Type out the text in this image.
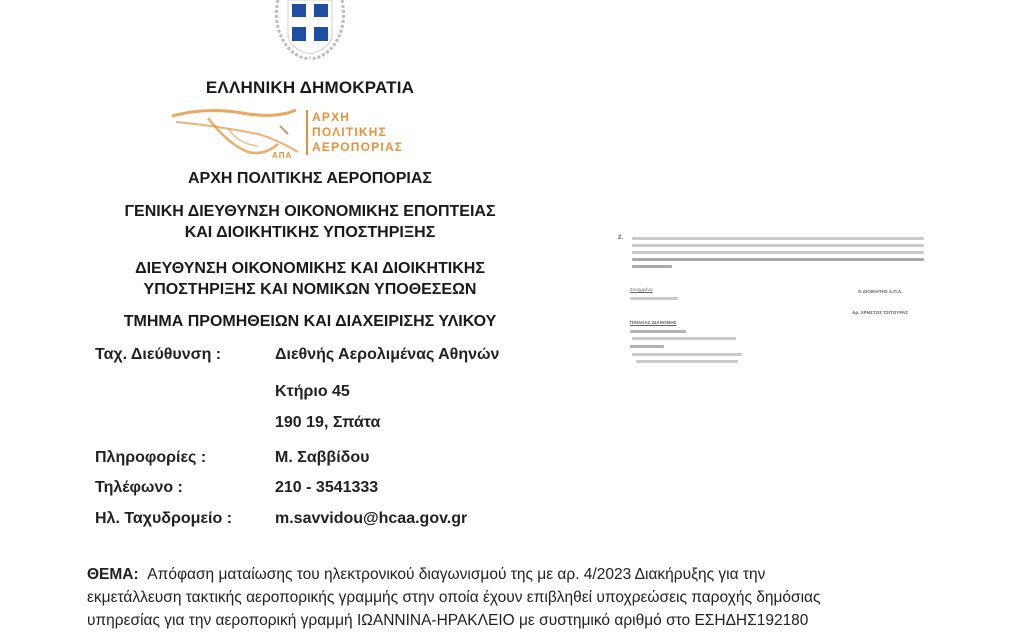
ΕΛΛΗΝΙΚΗ ΔΗΜΟΚΡΑΤΙΑ
ΑΡΧΗ
ΠΟΛΙΤΙΚΗΣ
ΑΕΡΟΠΟΡΙΑΣ
ΑΠΑ
ΑΡΧΗ ΠΟΛΙΤΙΚΗΣ ΑΕΡΟΠΟΡΙΑΣ
ΓΕΝΙΚΗ ΔΙΕΥΘΥΝΣΗ ΟΙΚΟΝΟΜΙΚΗΣ ΕΠΟΠΤΕΙΑΣ
ΚΑΙ ΔΙΟΙΚΗΤΙΚΗΣ ΥΠΟΣΤΗΡΙΞΗΣ
ΔΙΕΥΘΥΝΣΗ ΟΙΚΟΝΟΜΙΚΗΣ ΚΑΙ ΔΙΟΙΚΗΤΙΚΗΣ
ΥΠΟΣΤΗΡΙΞΗΣ ΚΑΙ ΝΟΜΙΚΩΝ ΥΠΟΘΕΣΕΩΝ
ΤΜΗΜΑ ΠΡΟΜΗΘΕΙΩΝ ΚΑΙ ΔΙΑΧΕΙΡΙΣΗΣ ΥΛΙΚΟΥ
Ταχ. Διεύθυνση :	Διεθνής Αερολιμένας Αθηνών
Κτήριο 45
190 19, Σπάτα
Πληροφορίες :	Μ. Σαββίδου
Τηλέφωνο :	210 - 3541333
Ηλ. Ταχυδρομείο :	m.savvidou@hcaa.gov.gr
ΘΕΜΑ: Απόφαση ματαίωσης του ηλεκτρονικού διαγωνισμού της με αρ. 4/2023 Διακήρυξης για την
εκμετάλλευση τακτικής αεροπορικής γραμμής στην οποία έχουν επιβληθεί υποχρεώσεις παροχής δημόσιας
υπηρεσίας για την αεροπορική γραμμή ΙΩΑΝΝΙΝΑ-ΗΡΑΚΛΕΙΟ με συστημικό αριθμό στο ΕΣΗΔΗΣ192180
2.
Συνημμένα	Ο ΔΙΟΙΚΗΤΗΣ Α.Π.Α.
Αρ. ΧΡΗΣΤΟΣ ΤΣΙΤΟΥΡΑΣ
ΠΙΝΑΚΑΣ ΔΙΑΝΟΜΗΣ
